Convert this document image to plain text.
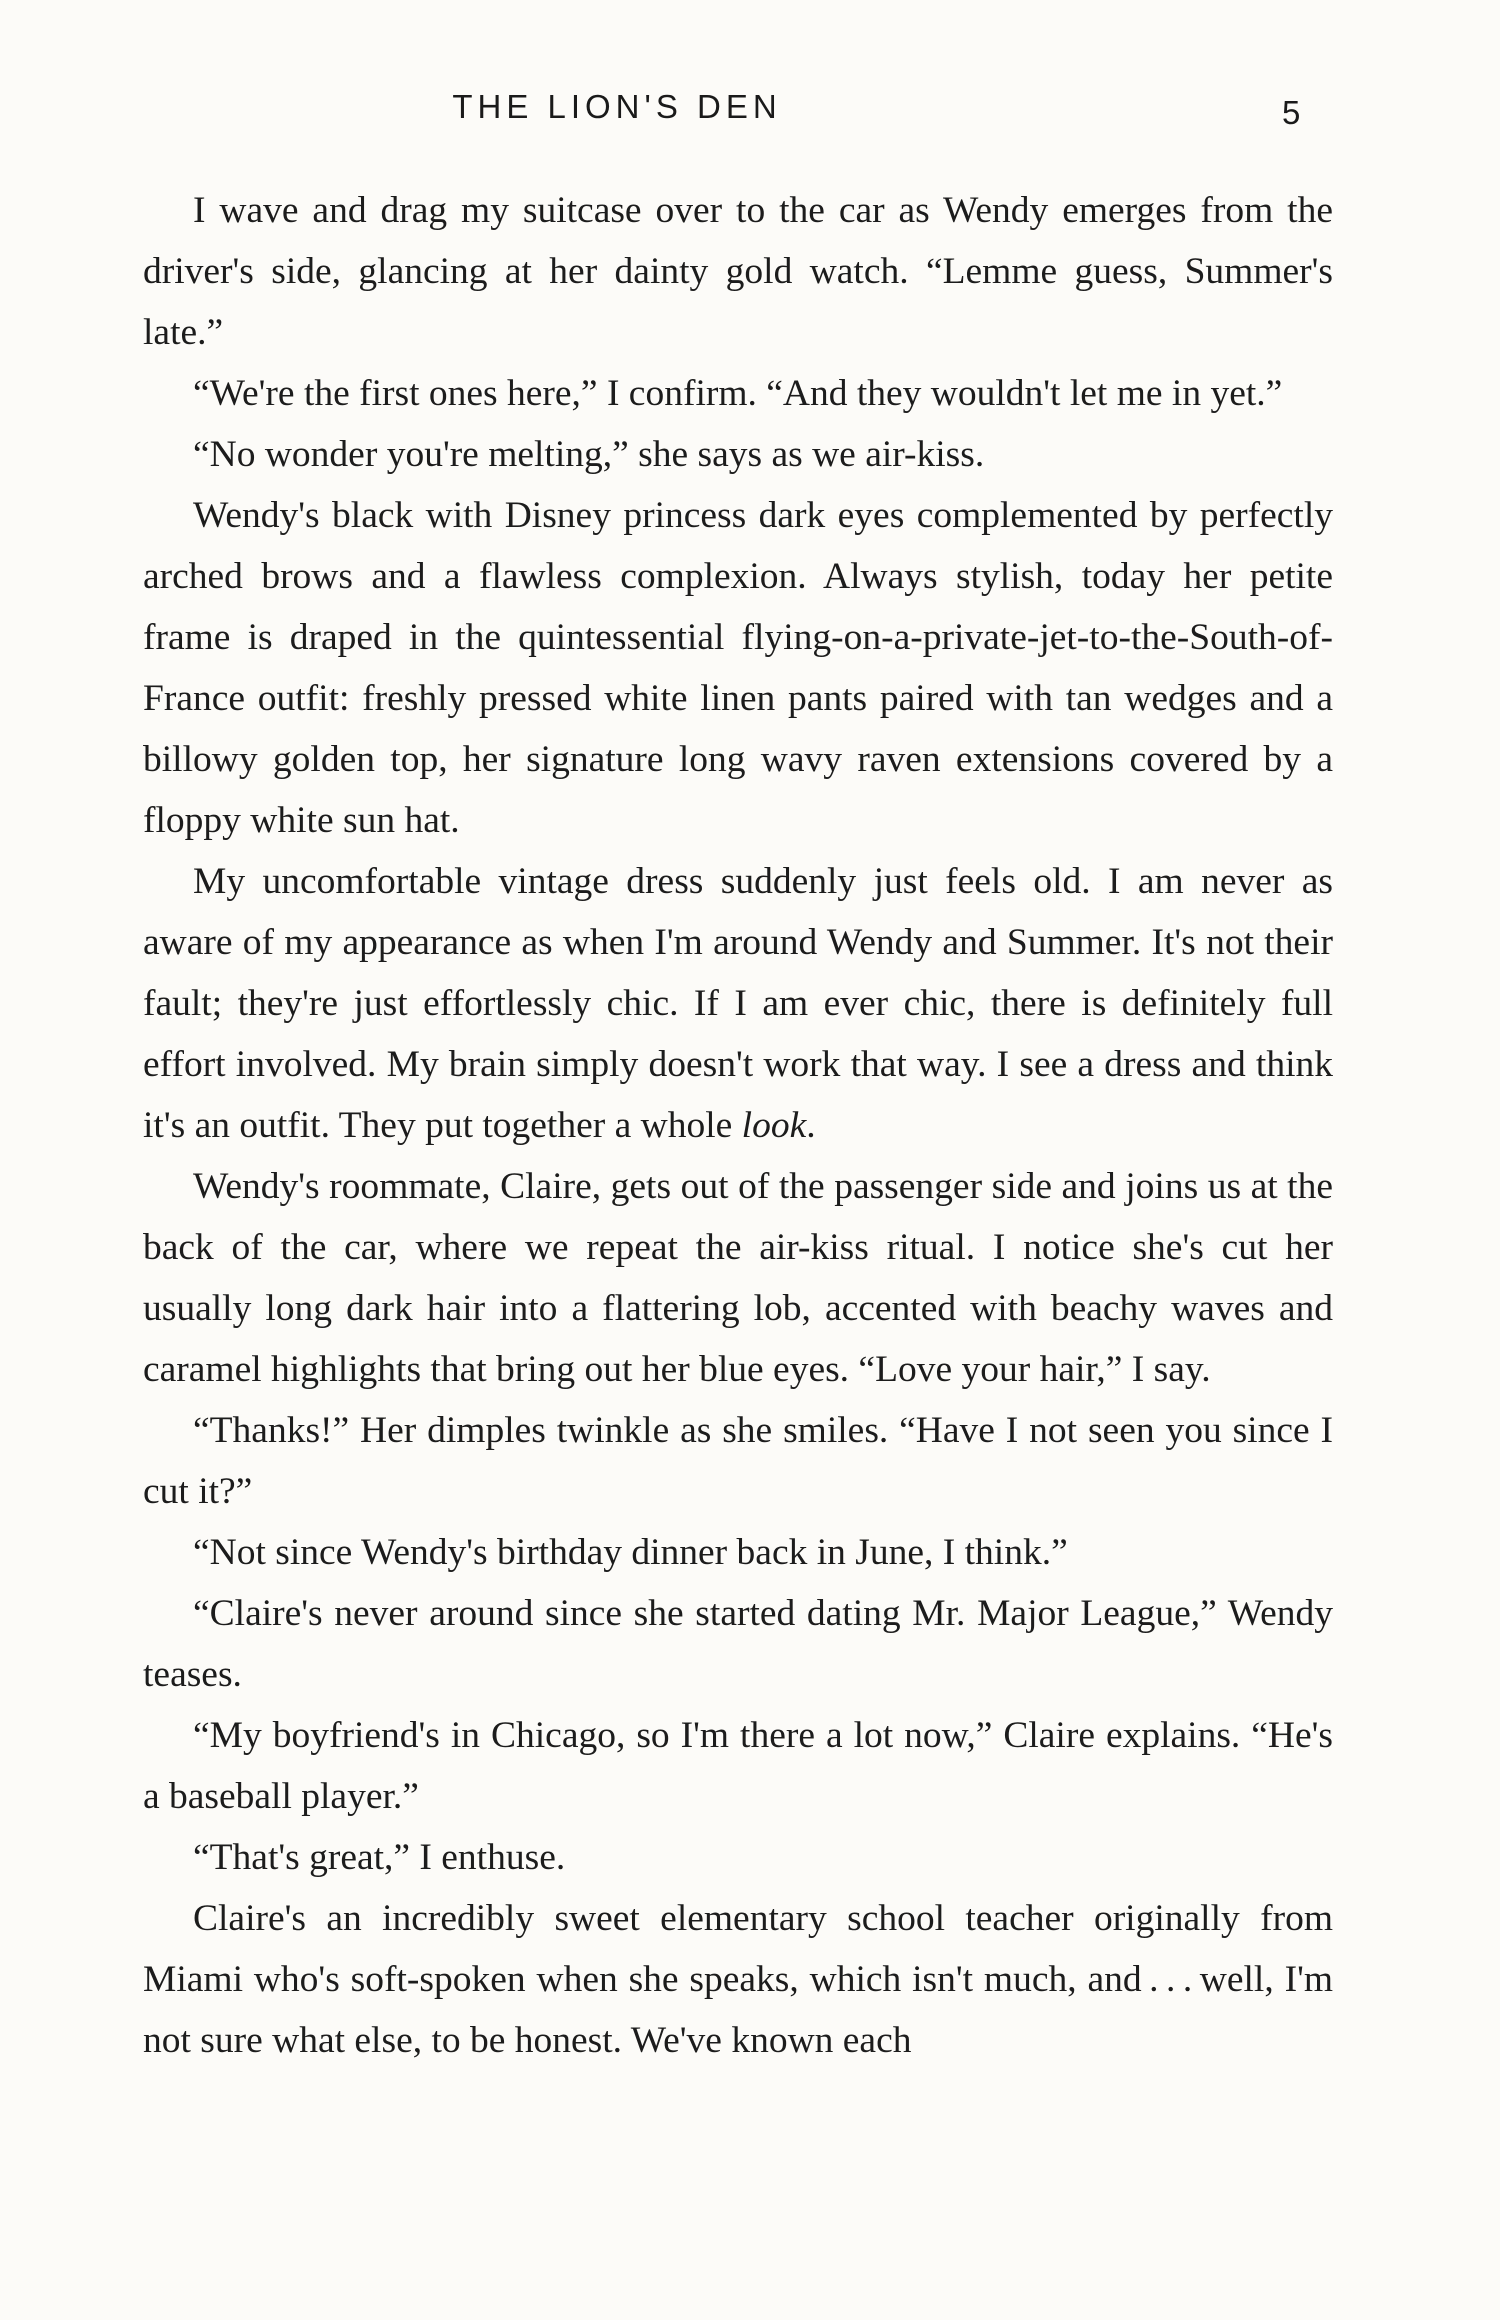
THE LION'S DEN	5

I wave and drag my suitcase over to the car as Wendy emerges from the driver's side, glancing at her dainty gold watch. “Lemme guess, Summer's late.”

“We're the first ones here,” I confirm. “And they wouldn't let me in yet.”

“No wonder you're melting,” she says as we air-kiss.

Wendy's black with Disney princess dark eyes complemented by perfectly arched brows and a flawless complexion. Always stylish, today her petite frame is draped in the quintessential flying-on-a-private-jet-to-the-South-of-France outfit: freshly pressed white linen pants paired with tan wedges and a billowy golden top, her signature long wavy raven extensions covered by a floppy white sun hat.

My uncomfortable vintage dress suddenly just feels old. I am never as aware of my appearance as when I'm around Wendy and Summer. It's not their fault; they're just effortlessly chic. If I am ever chic, there is definitely full effort involved. My brain simply doesn't work that way. I see a dress and think it's an outfit. They put together a whole look.

Wendy's roommate, Claire, gets out of the passenger side and joins us at the back of the car, where we repeat the air-kiss ritual. I notice she's cut her usually long dark hair into a flattering lob, accented with beachy waves and caramel highlights that bring out her blue eyes. “Love your hair,” I say.

“Thanks!” Her dimples twinkle as she smiles. “Have I not seen you since I cut it?”

“Not since Wendy's birthday dinner back in June, I think.”

“Claire's never around since she started dating Mr. Major League,” Wendy teases.

“My boyfriend's in Chicago, so I'm there a lot now,” Claire explains. “He's a baseball player.”

“That's great,” I enthuse.

Claire's an incredibly sweet elementary school teacher originally from Miami who's soft-spoken when she speaks, which isn't much, and . . . well, I'm not sure what else, to be honest. We've known each
